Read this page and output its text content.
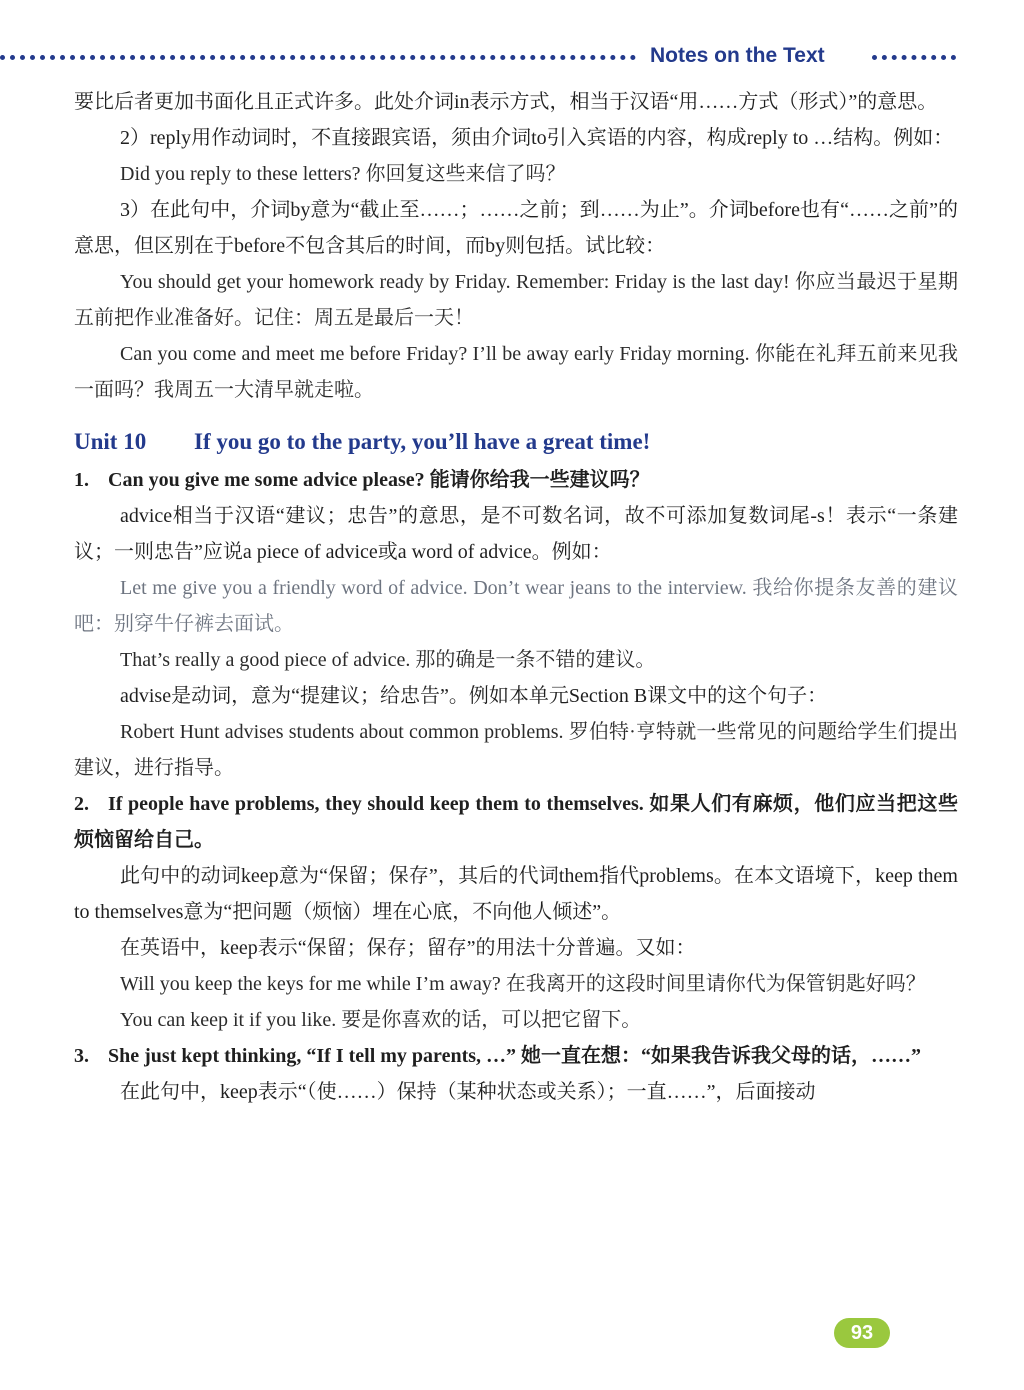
Notes on the Text

要比后者更加书面化且正式许多。此处介词in表示方式，相当于汉语“用……方式（形式）”的意思。

2）reply用作动词时，不直接跟宾语，须由介词to引入宾语的内容，构成reply to …结构。例如：

Did you reply to these letters? 你回复这些来信了吗？

3）在此句中，介词by意为“截止至……；……之前；到……为止”。介词before也有“……之前”的意思，但区别在于before不包含其后的时间，而by则包括。试比较：

You should get your homework ready by Friday. Remember: Friday is the last day! 你应当最迟于星期五前把作业准备好。记住：周五是最后一天！

Can you come and meet me before Friday? I’ll be away early Friday morning. 你能在礼拜五前来见我一面吗？我周五一大清早就走啦。

Unit 10 If you go to the party, you’ll have a great time!

1. Can you give me some advice please? 能请你给我一些建议吗？

advice相当于汉语“建议；忠告”的意思，是不可数名词，故不可添加复数词尾-s！表示“一条建议；一则忠告”应说a piece of advice或a word of advice。例如：

Let me give you a friendly word of advice. Don’t wear jeans to the interview. 我给你提条友善的建议吧：别穿牛仔裤去面试。

That’s really a good piece of advice. 那的确是一条不错的建议。

advise是动词，意为“提建议；给忠告”。例如本单元Section B课文中的这个句子：

Robert Hunt advises students about common problems. 罗伯特·亨特就一些常见的问题给学生们提出建议，进行指导。

2. If people have problems, they should keep them to themselves. 如果人们有麻烦，他们应当把这些烦恼留给自己。

此句中的动词keep意为“保留；保存”，其后的代词them指代problems。在本文语境下，keep them to themselves意为“把问题（烦恼）埋在心底，不向他人倾述”。

在英语中，keep表示“保留；保存；留存”的用法十分普遍。又如：

Will you keep the keys for me while I’m away? 在我离开的这段时间里请你代为保管钥匙好吗？

You can keep it if you like. 要是你喜欢的话，可以把它留下。

3. She just kept thinking, “If I tell my parents, …” 她一直在想：“如果我告诉我父母的话，……”

在此句中，keep表示“（使……）保持（某种状态或关系）；一直……”，后面接动

93
